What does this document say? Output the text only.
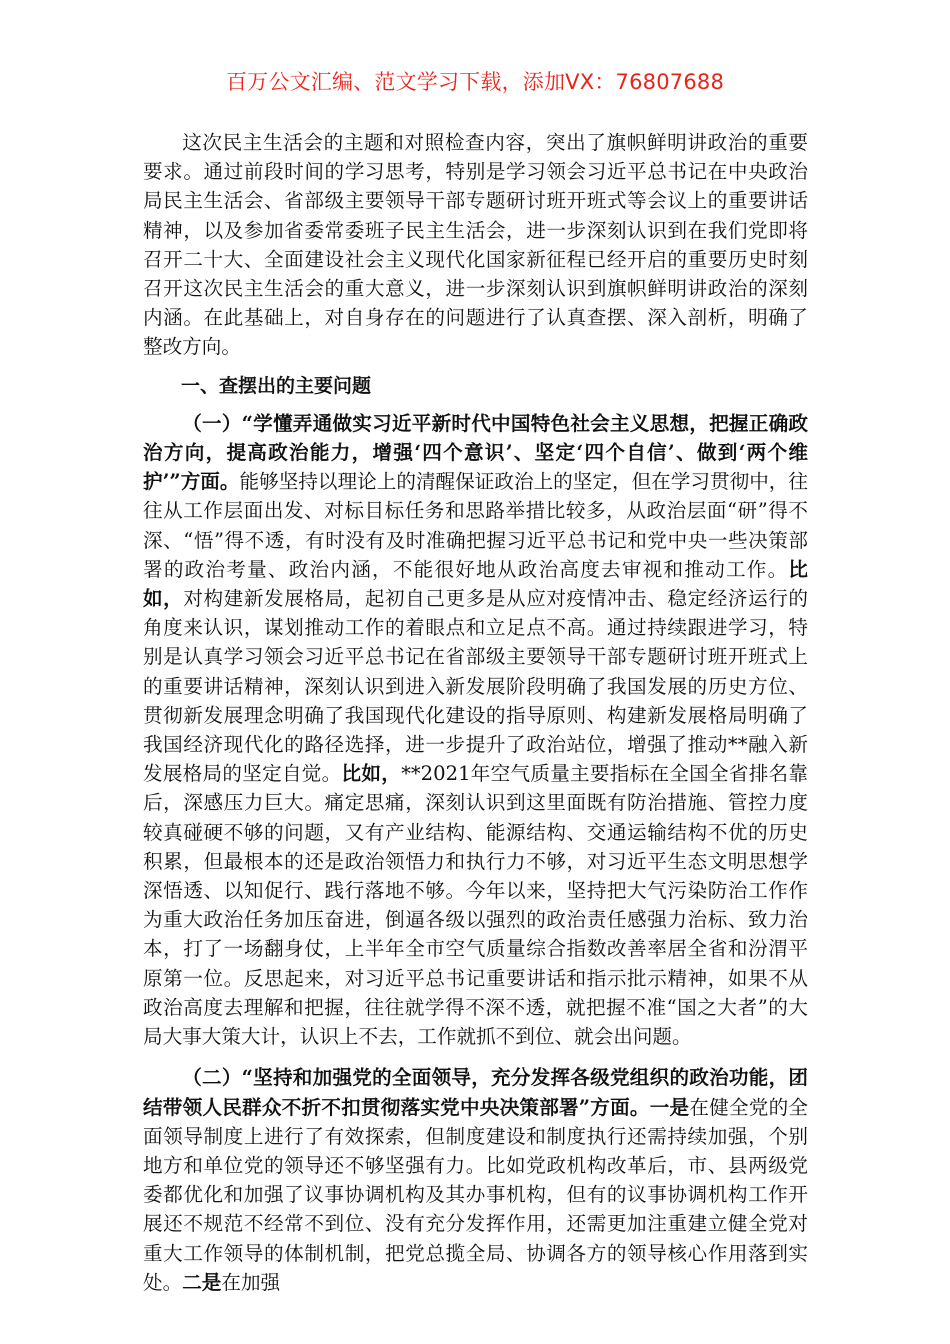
百万公文汇编、范文学习下载，添加VX：76807688

这次民主生活会的主题和对照检查内容，突出了旗帜鲜明讲政治的重要要求。通过前段时间的学习思考，特别是学习领会习近平总书记在中央政治局民主生活会、省部级主要领导干部专题研讨班开班式等会议上的重要讲话精神，以及参加省委常委班子民主生活会，进一步深刻认识到在我们党即将召开二十大、全面建设社会主义现代化国家新征程已经开启的重要历史时刻召开这次民主生活会的重大意义，进一步深刻认识到旗帜鲜明讲政治的深刻内涵。在此基础上，对自身存在的问题进行了认真查摆、深入剖析，明确了整改方向。

一、查摆出的主要问题

（一）“学懂弄通做实习近平新时代中国特色社会主义思想，把握正确政治方向，提高政治能力，增强‘四个意识’、坚定‘四个自信’、做到‘两个维护’”方面。能够坚持以理论上的清醒保证政治上的坚定，但在学习贯彻中，往往从工作层面出发、对标目标任务和思路举措比较多，从政治层面“研”得不深、“悟”得不透，有时没有及时准确把握习近平总书记和党中央一些决策部署的政治考量、政治内涵，不能很好地从政治高度去审视和推动工作。比如，对构建新发展格局，起初自己更多是从应对疫情冲击、稳定经济运行的角度来认识，谋划推动工作的着眼点和立足点不高。通过持续跟进学习，特别是认真学习领会习近平总书记在省部级主要领导干部专题研讨班开班式上的重要讲话精神，深刻认识到进入新发展阶段明确了我国发展的历史方位、贯彻新发展理念明确了我国现代化建设的指导原则、构建新发展格局明确了我国经济现代化的路径选择，进一步提升了政治站位，增强了推动**融入新发展格局的坚定自觉。比如，**2021年空气质量主要指标在全国全省排名靠后，深感压力巨大。痛定思痛，深刻认识到这里面既有防治措施、管控力度较真碰硬不够的问题，又有产业结构、能源结构、交通运输结构不优的历史积累，但最根本的还是政治领悟力和执行力不够，对习近平生态文明思想学深悟透、以知促行、践行落地不够。今年以来，坚持把大气污染防治工作作为重大政治任务加压奋进，倒逼各级以强烈的政治责任感强力治标、致力治本，打了一场翻身仗，上半年全市空气质量综合指数改善率居全省和汾渭平原第一位。反思起来，对习近平总书记重要讲话和指示批示精神，如果不从政治高度去理解和把握，往往就学得不深不透，就把握不准“国之大者”的大局大事大策大计，认识上不去，工作就抓不到位、就会出问题。

（二）“坚持和加强党的全面领导，充分发挥各级党组织的政治功能，团结带领人民群众不折不扣贯彻落实党中央决策部署”方面。一是在健全党的全面领导制度上进行了有效探索，但制度建设和制度执行还需持续加强，个别地方和单位党的领导还不够坚强有力。比如党政机构改革后，市、县两级党委都优化和加强了议事协调机构及其办事机构，但有的议事协调机构工作开展还不规范不经常不到位、没有充分发挥作用，还需更加注重建立健全党对重大工作领导的体制机制，把党总揽全局、协调各方的领导核心作用落到实处。二是在加强
